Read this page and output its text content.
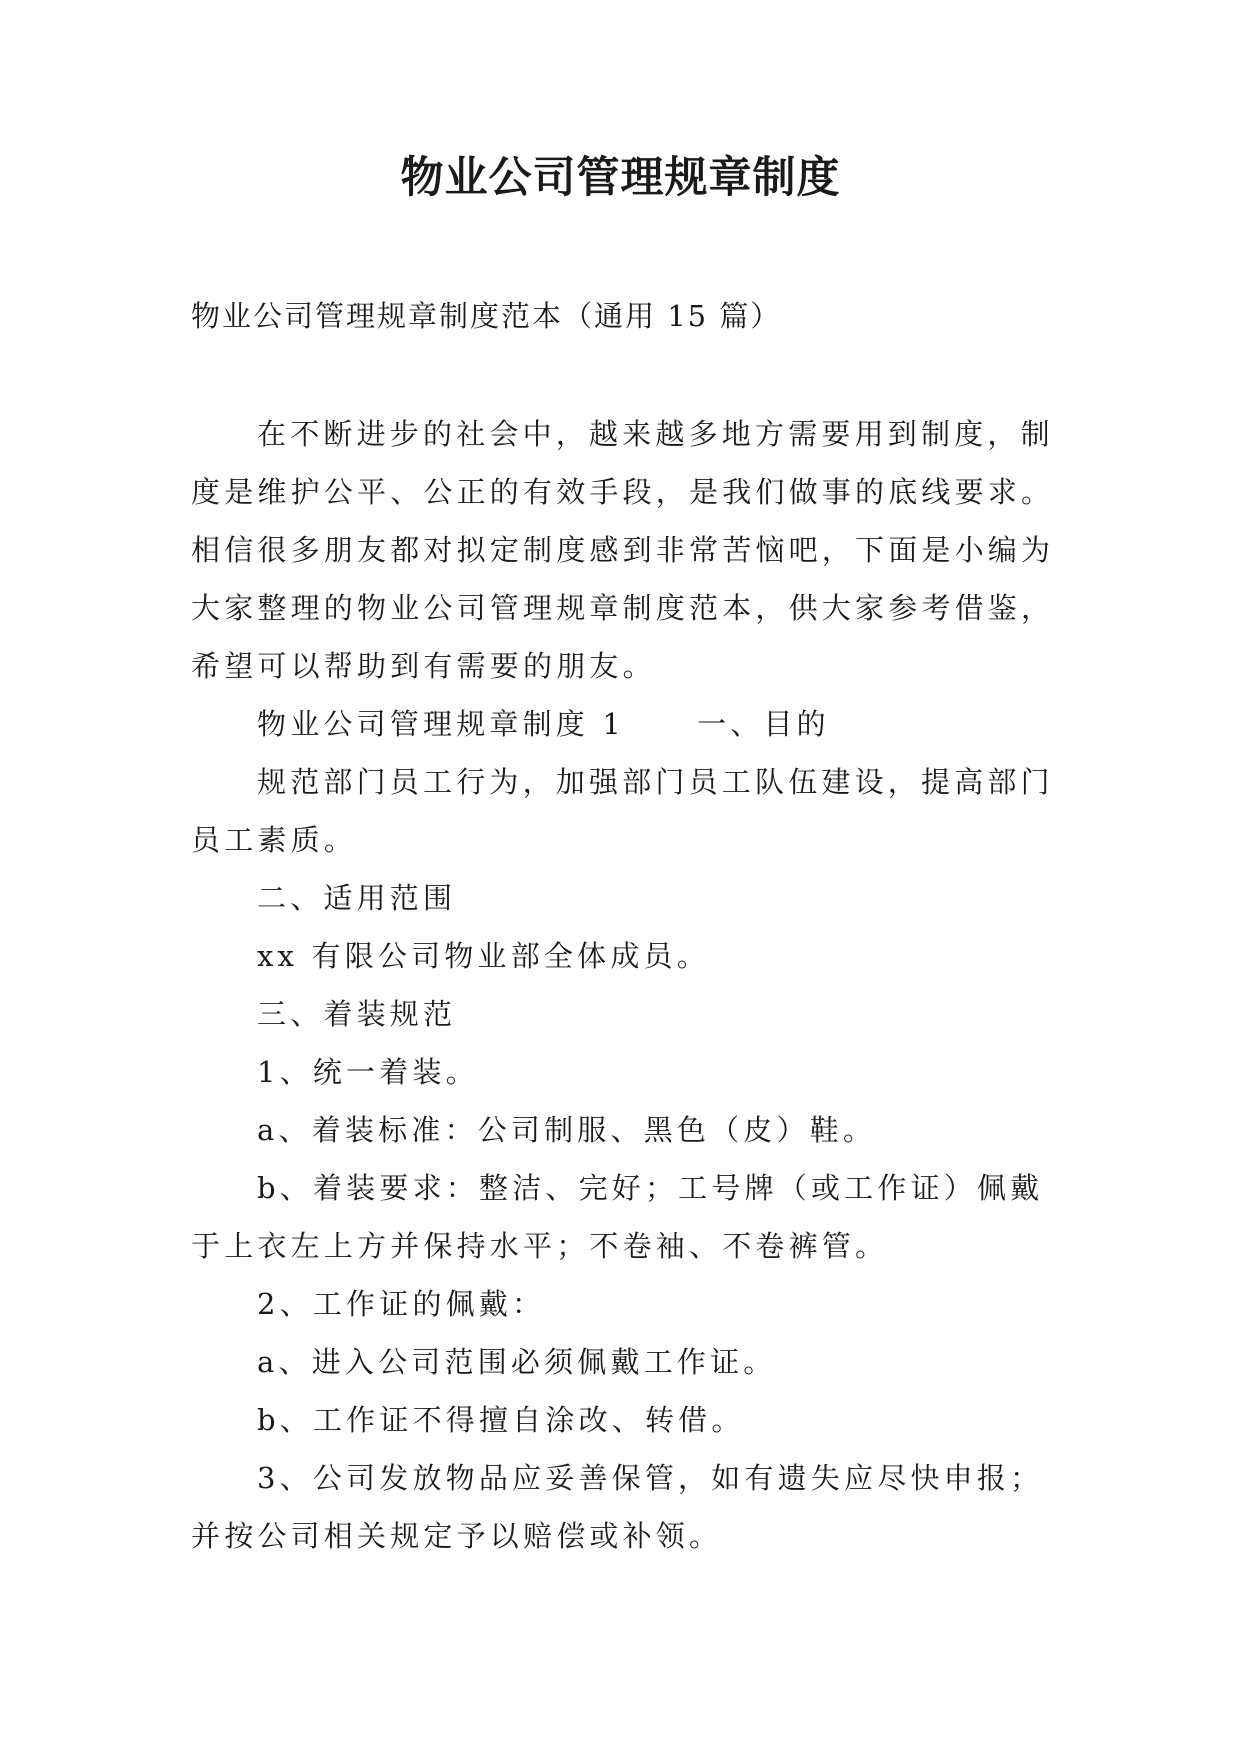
物业公司管理规章制度
物业公司管理规章制度范本（通用 15 篇）
在不断进步的社会中，越来越多地方需要用到制度，制
度是维护公平、公正的有效手段，是我们做事的底线要求。
相信很多朋友都对拟定制度感到非常苦恼吧，下面是小编为
大家整理的物业公司管理规章制度范本，供大家参考借鉴，
希望可以帮助到有需要的朋友。
物业公司管理规章制度 1 一、目的
规范部门员工行为，加强部门员工队伍建设，提高部门
员工素质。
二、适用范围
xx 有限公司物业部全体成员。
三、着装规范
1、统一着装。
a、着装标准：公司制服、黑色（皮）鞋。
b、着装要求：整洁、完好；工号牌（或工作证）佩戴
于上衣左上方并保持水平；不卷袖、不卷裤管。
2、工作证的佩戴：
a、进入公司范围必须佩戴工作证。
b、工作证不得擅自涂改、转借。
3、公司发放物品应妥善保管，如有遗失应尽快申报；
并按公司相关规定予以赔偿或补领。
